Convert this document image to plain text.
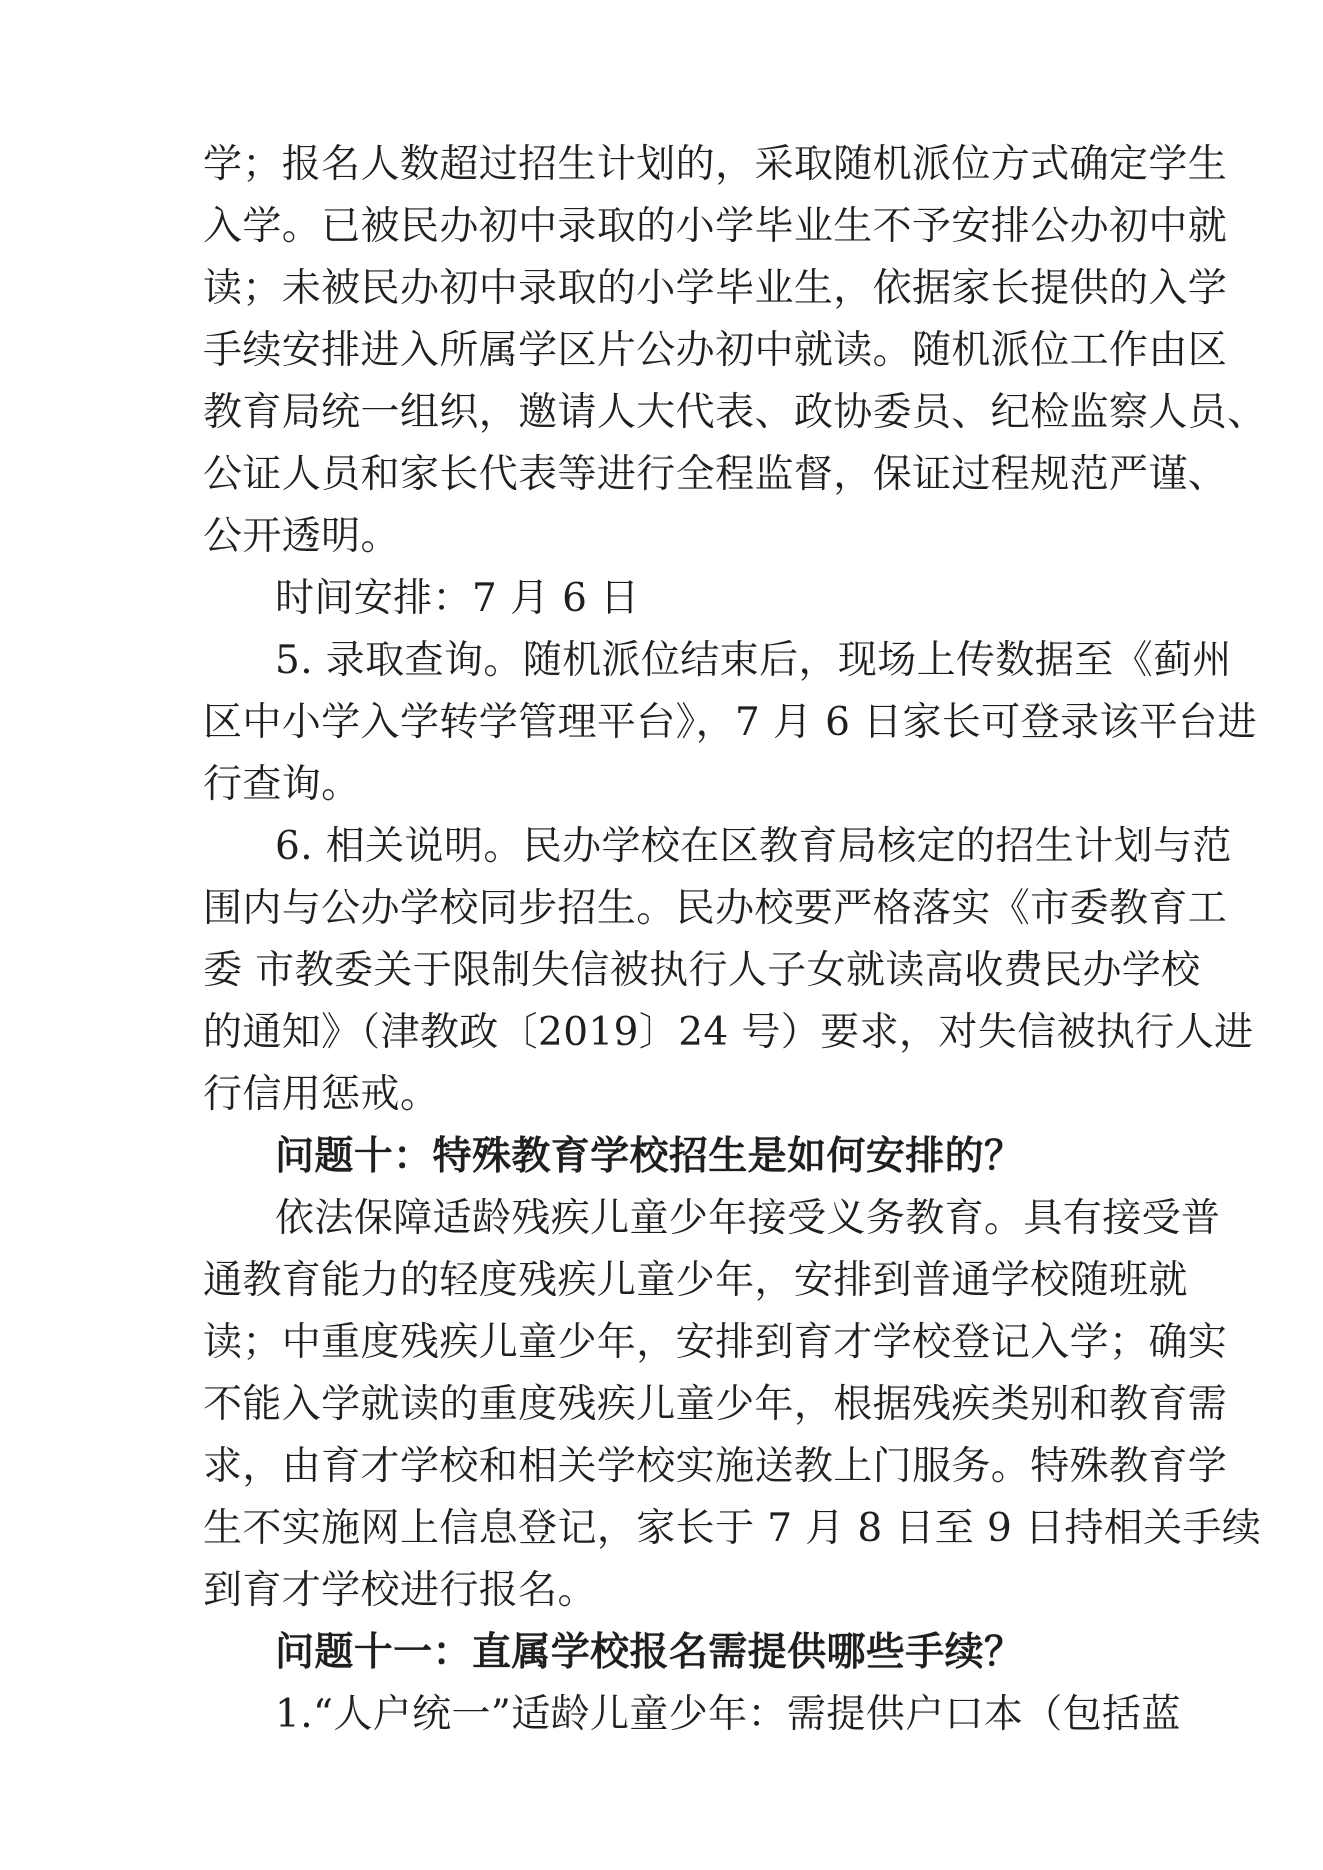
学；报名人数超过招生计划的，采取随机派位方式确定学生
入学。已被民办初中录取的小学毕业生不予安排公办初中就
读；未被民办初中录取的小学毕业生，依据家长提供的入学
手续安排进入所属学区片公办初中就读。随机派位工作由区
教育局统一组织，邀请人大代表、政协委员、纪检监察人员、
公证人员和家长代表等进行全程监督，保证过程规范严谨、
公开透明。
时间安排：7 月 6 日
5. 录取查询。随机派位结束后，现场上传数据至《蓟州
区中小学入学转学管理平台》，7 月 6 日家长可登录该平台进
行查询。
6. 相关说明。民办学校在区教育局核定的招生计划与范
围内与公办学校同步招生。民办校要严格落实《市委教育工
委 市教委关于限制失信被执行人子女就读高收费民办学校
的通知》（津教政〔2019〕24 号）要求，对失信被执行人进
行信用惩戒。
问题十：特殊教育学校招生是如何安排的？
依法保障适龄残疾儿童少年接受义务教育。具有接受普
通教育能力的轻度残疾儿童少年，安排到普通学校随班就
读；中重度残疾儿童少年，安排到育才学校登记入学；确实
不能入学就读的重度残疾儿童少年，根据残疾类别和教育需
求，由育才学校和相关学校实施送教上门服务。特殊教育学
生不实施网上信息登记，家长于 7 月 8 日至 9 日持相关手续
到育才学校进行报名。
问题十一：直属学校报名需提供哪些手续？
1.“人户统一”适龄儿童少年：需提供户口本（包括蓝
